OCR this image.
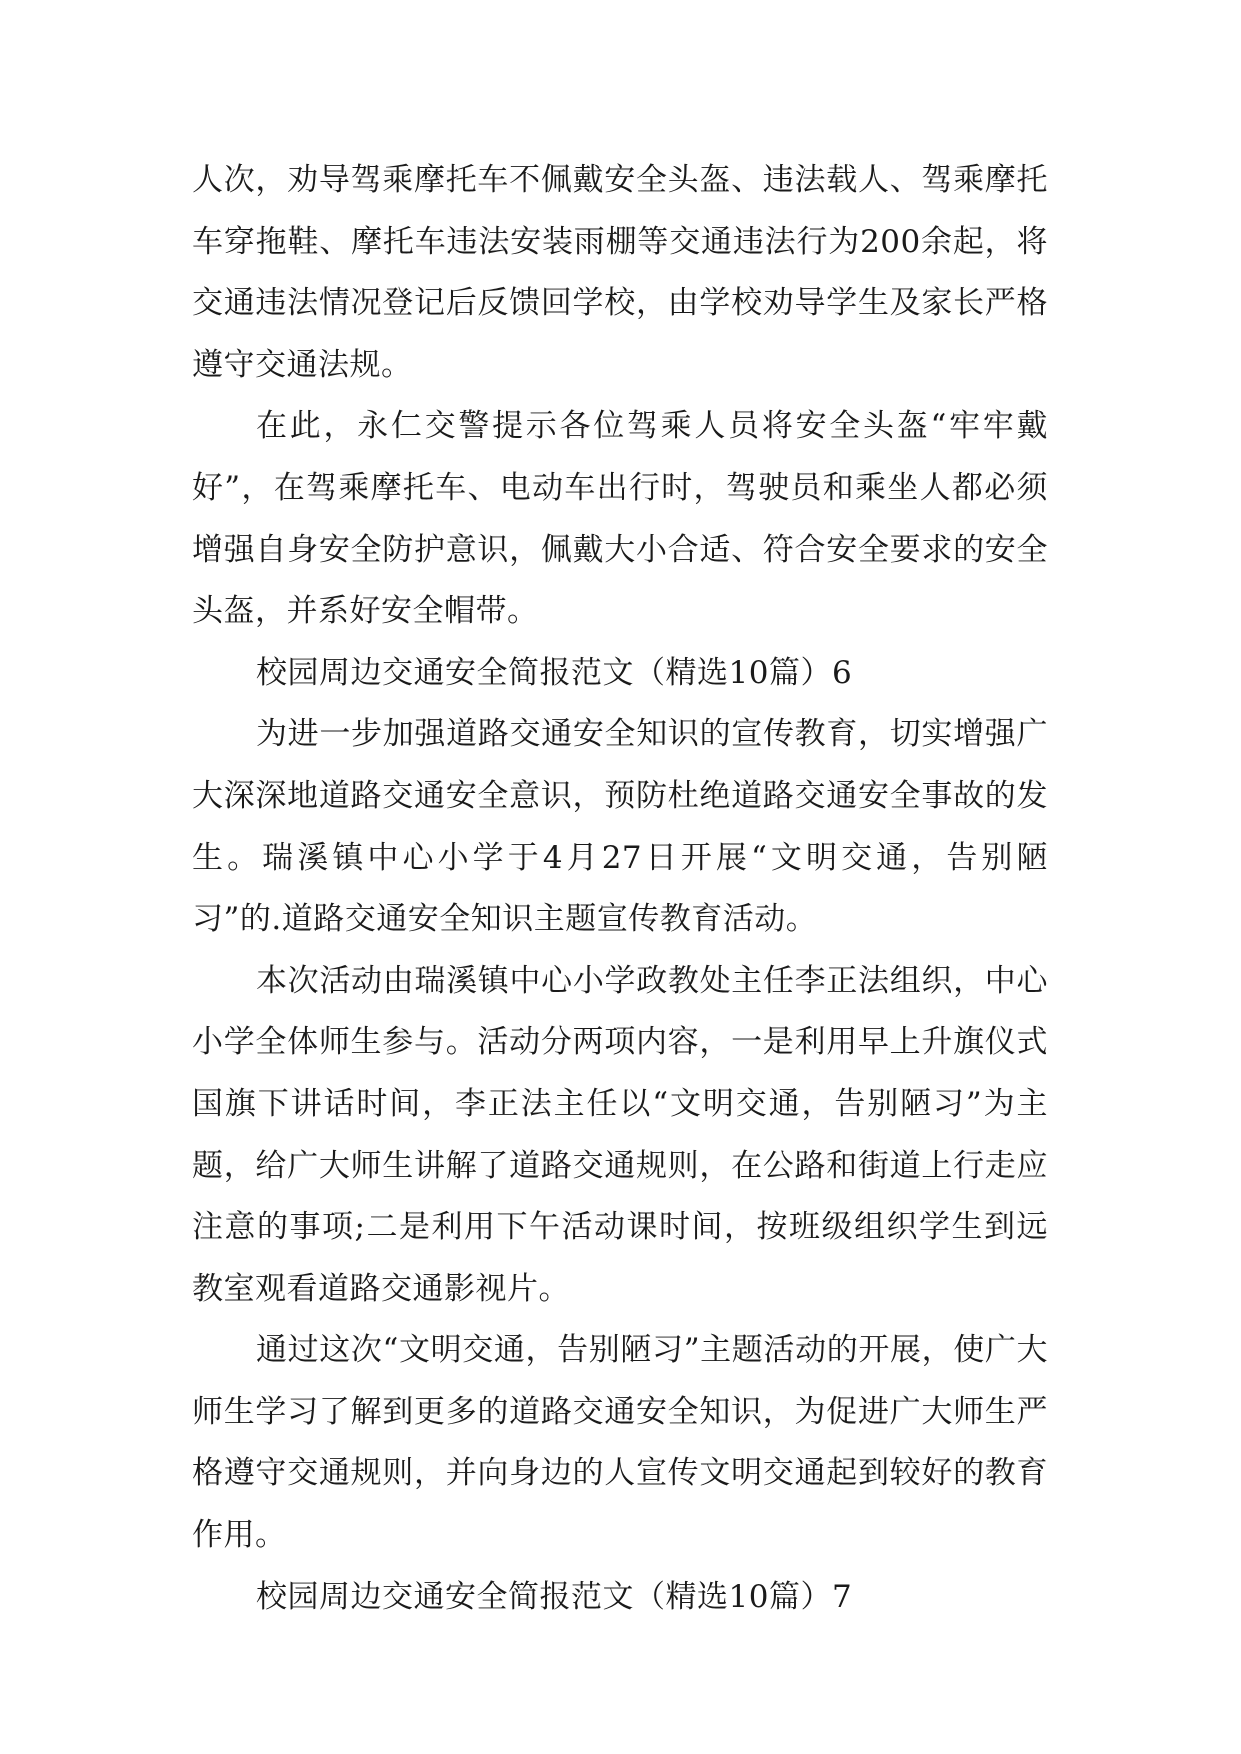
人次，劝导驾乘摩托车不佩戴安全头盔、违法载人、驾乘摩托车穿拖鞋、摩托车违法安装雨棚等交通违法行为200余起，将交通违法情况登记后反馈回学校，由学校劝导学生及家长严格遵守交通法规。

在此，永仁交警提示各位驾乘人员将安全头盔“牢牢戴好”，在驾乘摩托车、电动车出行时，驾驶员和乘坐人都必须增强自身安全防护意识，佩戴大小合适、符合安全要求的安全头盔，并系好安全帽带。

校园周边交通安全简报范文（精选10篇）6

为进一步加强道路交通安全知识的宣传教育，切实增强广大深深地道路交通安全意识，预防杜绝道路交通安全事故的发生。瑞溪镇中心小学于4月27日开展“文明交通，告别陋习”的.道路交通安全知识主题宣传教育活动。

本次活动由瑞溪镇中心小学政教处主任李正法组织，中心小学全体师生参与。活动分两项内容，一是利用早上升旗仪式国旗下讲话时间，李正法主任以“文明交通，告别陋习”为主题，给广大师生讲解了道路交通规则，在公路和街道上行走应注意的事项;二是利用下午活动课时间，按班级组织学生到远教室观看道路交通影视片。

通过这次“文明交通，告别陋习”主题活动的开展，使广大师生学习了解到更多的道路交通安全知识，为促进广大师生严格遵守交通规则，并向身边的人宣传文明交通起到较好的教育作用。

校园周边交通安全简报范文（精选10篇）7
